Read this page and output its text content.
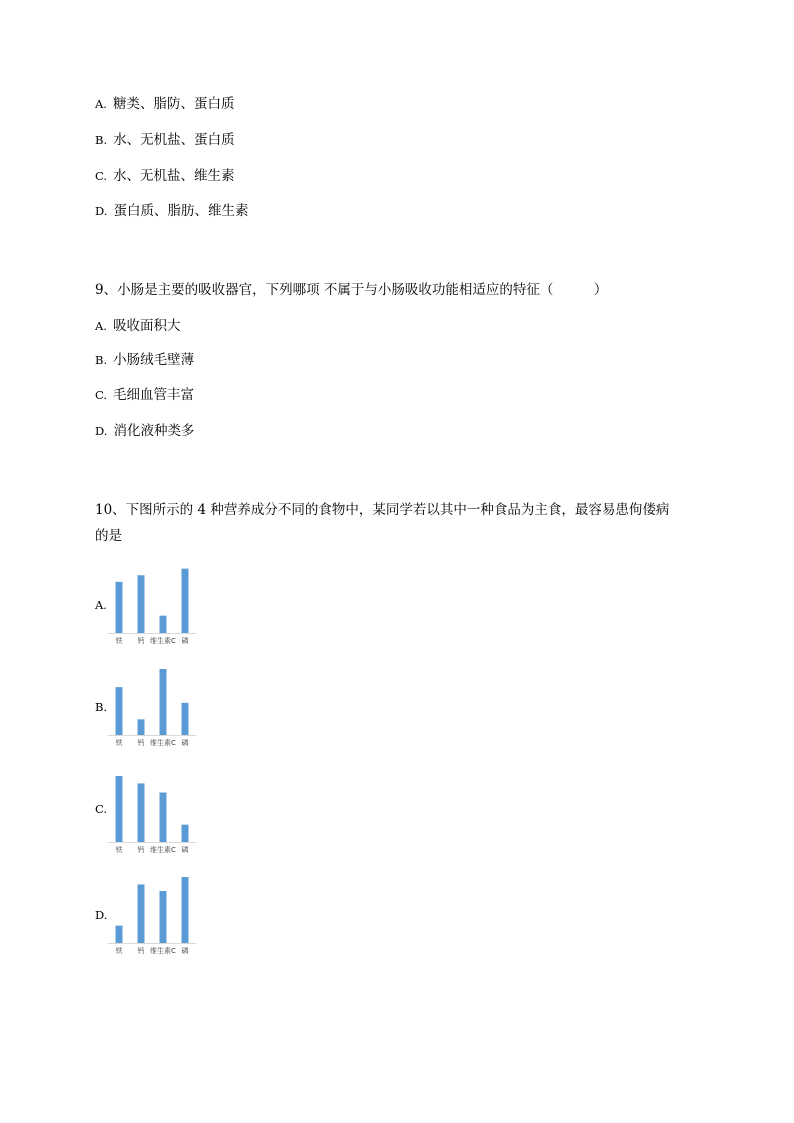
A. 糖类、脂防、蛋白质
B. 水、无机盐、蛋白质
C. 水、无机盐、维生素
D. 蛋白质、脂肪、维生素
9、小肠是主要的吸收器官，下列哪项 不属于与小肠吸收功能相适应的特征（　　　）
A. 吸收面积大
B. 小肠绒毛壁薄
C. 毛细血管丰富
D. 消化液种类多
10、下图所示的 4 种营养成分不同的食物中，某同学若以其中一种食品为主食，最容易患佝偻病
的是
A.
铁 钙 维生素C 磷
B.
铁 钙 维生素C 磷
C.
铁 钙 维生素C 磷
D.
铁 钙 维生素C 磷
